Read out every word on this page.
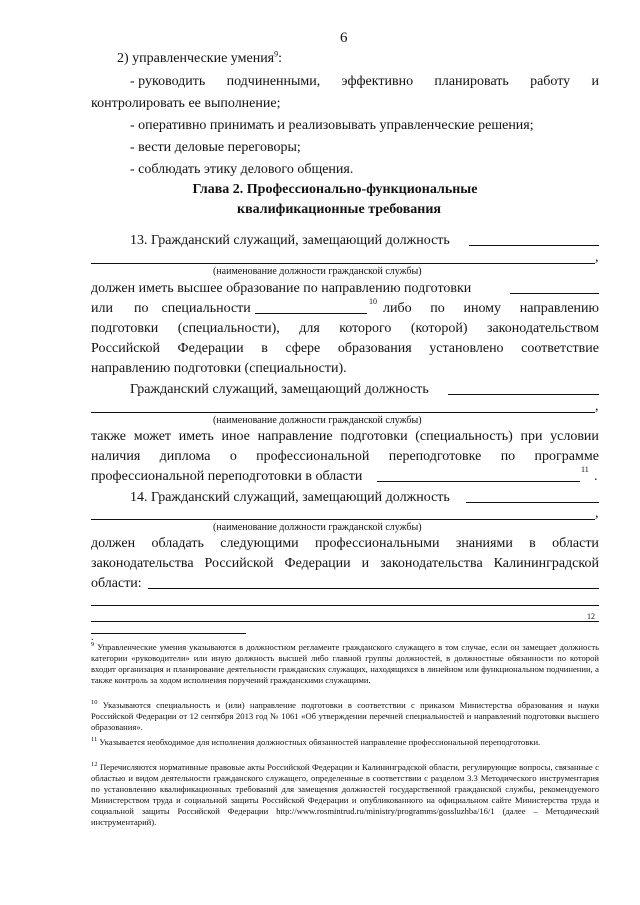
6
2) управленческие умения$^9$:
- руководить подчиненными, эффективно планировать работу и
контролировать ее выполнение;
- оперативно принимать и реализовывать управленческие решения;
- вести деловые переговоры;
- соблюдать этику делового общения.
Глава 2. Профессионально-функциональные
квалификационные требования
13. Гражданский служащий, замещающий должность
,
(наименование должности гражданской службы)
должен иметь высшее образование по направлению подготовки
или по специальности	10 либо по иному направлению
подготовки (специальности), для которого (которой) законодательством
Российской Федерации в сфере образования установлено соответствие
направлению подготовки (специальности).
Гражданский служащий, замещающий должность
,
(наименование должности гражданской службы)
также может иметь иное направление подготовки (специальность) при условии
наличия диплома о профессиональной переподготовке по программе
профессиональной переподготовки в области	11 .
14. Гражданский служащий, замещающий должность
,
(наименование должности гражданской службы)
должен обладать следующими профессиональными знаниями в области
законодательства Российской Федерации и законодательства Калининградской
области:
12
.
$^9$ Управленческие умения указываются в должностном регламенте гражданского служащего в том случае, если он замещает должность категории «руководители» или иную должность высшей либо главной группы должностей, в должностные обязанности по которой входит организация и планирование деятельности гражданских служащих, находящихся в линейном или функциональном подчинении, а также контроль за ходом исполнения поручений гражданскими служащими.
$^{10}$ Указываются специальность и (или) направление подготовки в соответствии с приказом Министерства образования и науки Российской Федерации от 12 сентября 2013 год № 1061 «Об утверждении перечней специальностей и направлений подготовки высшего образования».
$^{11}$ Указывается необходимое для исполнения должностных обязанностей направление профессиональной переподготовки.
$^{12}$ Перечисляются нормативные правовые акты Российской Федерации и Калининградской области, регулирующие вопросы, связанные с областью и видом деятельности гражданского служащего, определенные в соответствии с разделом 3.3 Методического инструментария по установлению квалификационных требований для замещения должностей государственной гражданской службы, рекомендуемого Министерством труда и социальной защиты Российской Федерации и опубликованного на официальном сайте Министерства труда и социальной защиты Российской Федерации http://www.rosmintrud.ru/ministry/programms/gossluzhba/16/1 (далее – Методический инструментарий).
